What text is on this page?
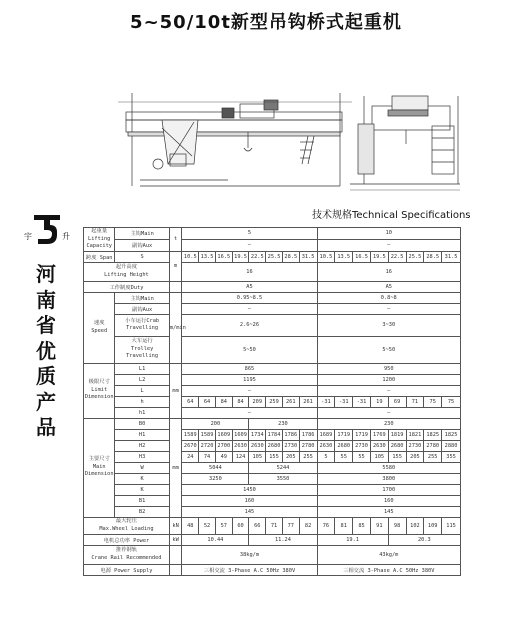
5~50/10t新型吊钩桥式起重机
宇	升
技术规格Technical Specifications
河
南
省
优
质
产
品
起重量
Lifting
Capacity	主钩Main	t	5								10							
	副钩Aux		—								—							
跨度 Span	S	m	10.5	13.5	16.5	19.5	22.5	25.5	28.5	31.5	10.5	13.5	16.5	19.5	22.5	25.5	28.5	31.5

起升高度
Lifting Height			16								16							
工作制度Duty			A5								A5							

速度
Speed	主钩Main	m/min	0.95~8.5								0.8~8							
	副钩Aux		—								—							

	小车运行Crab
Travelling		2.6~26								3~30							

	大车运行
Trolley
Travelling		5~50								5~50							

极限尺寸
Limit
Dimension	L1	mm	865								950							
	L2		1195								1200							
	L		—								—							
	h		64	64	84	84	209	259	261	261	-31	-31	-31	19	69	71	75	75
	h1		—								—							

主要尺寸
Main
Dimension	B0	mm	200				230				230							
	H1		1589	1589	1609	1609	1734	1784	1786	1786	1689	1719	1719	1769	1819	1821	1825	1825
	H2		2670	2720	2700	2630	2630	2680	2730	2780	2630	2680	2730	2630	2680	2730	2780	2880
	H3		24	74	49	124	105	155	205	255	5	55	55	105	155	205	255	355
	W		5044				5244				5580							
	K		3250				3550				3800							
	K		1450								1700							
	B1		160								160							
	B2		145								145							

最大轮压
Max.Wheel Loading		kN	48	52	57	60	66	71	77	82	76	81	85	91	98	102	109	115
电机总功率 Power		kW	10.44				11.24				19.1				20.3			

推荐钢轨
Crane Rail Recommended			38kg/m								43kg/m							
电源 Power Supply			三相交流 3-Phase A.C 50Hz 380V								三相交流 3-Phase A.C 50Hz 380V							
